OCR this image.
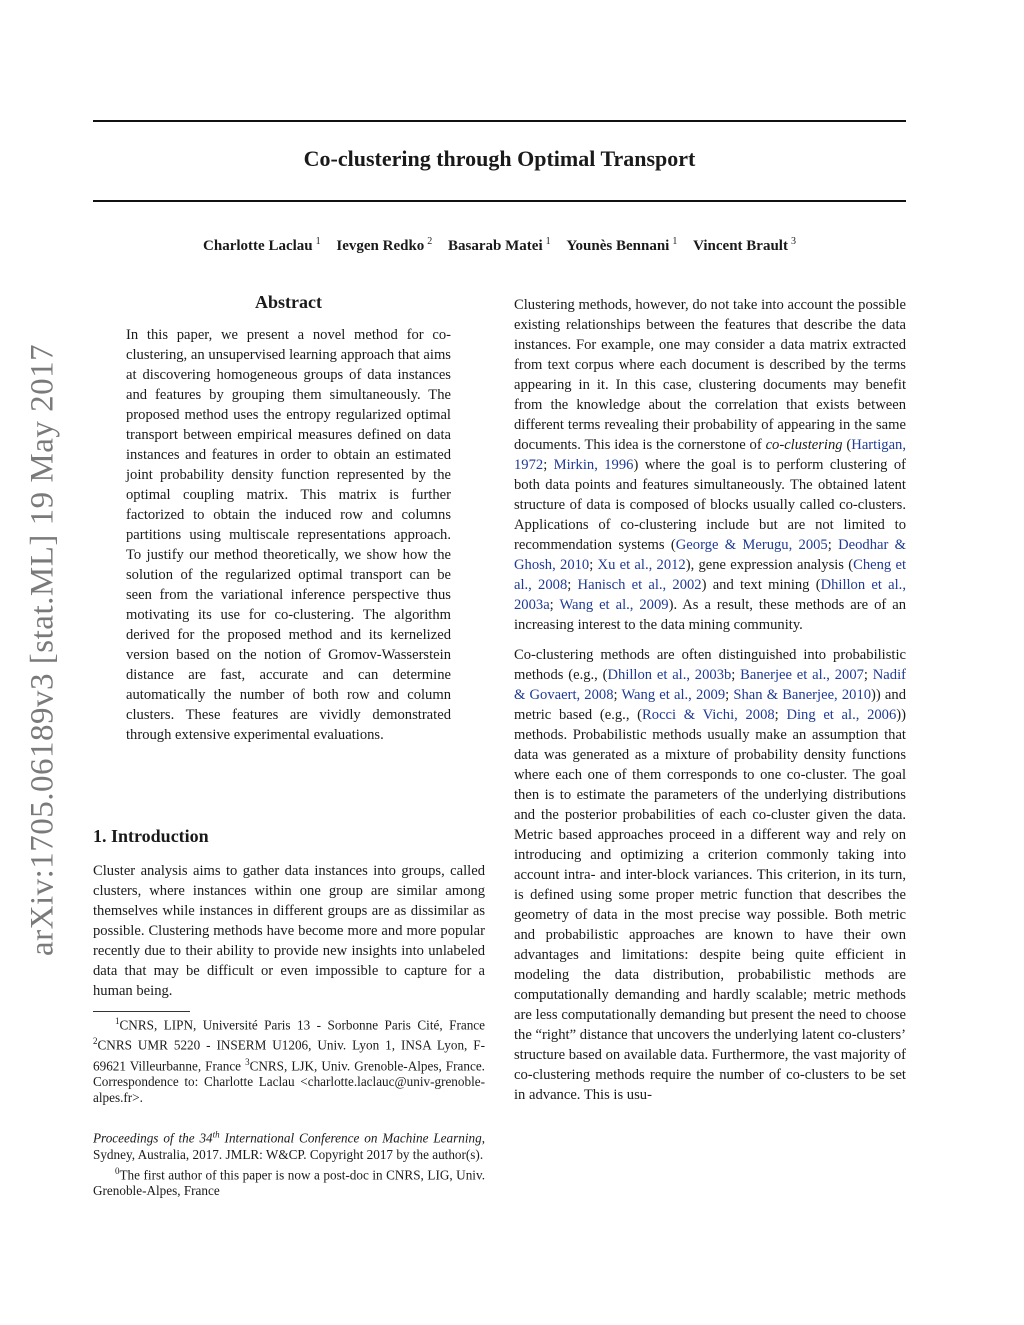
Co-clustering through Optimal Transport
Charlotte Laclau $^1$ Ievgen Redko $^2$ Basarab Matei $^1$ Younès Bennani $^1$ Vincent Brault $^3$
arXiv:1705.06189v3 [stat.ML] 19 May 2017
Abstract
In this paper, we present a novel method for co-clustering, an unsupervised learning approach that aims at discovering homogeneous groups of data instances and features by grouping them simultaneously. The proposed method uses the entropy regularized optimal transport between empirical measures defined on data instances and features in order to obtain an estimated joint probability density function represented by the optimal coupling matrix. This matrix is further factorized to obtain the induced row and columns partitions using multiscale representations approach. To justify our method theoretically, we show how the solution of the regularized optimal transport can be seen from the variational inference perspective thus motivating its use for co-clustering. The algorithm derived for the proposed method and its kernelized version based on the notion of Gromov-Wasserstein distance are fast, accurate and can determine automatically the number of both row and column clusters. These features are vividly demonstrated through extensive experimental evaluations.
1. Introduction

Cluster analysis aims to gather data instances into groups, called clusters, where instances within one group are similar among themselves while instances in different groups are as dissimilar as possible. Clustering methods have become more and more popular recently due to their ability to provide new insights into unlabeled data that may be difficult or even impossible to capture for a human being.

$^1$CNRS, LIPN, Université Paris 13 - Sorbonne Paris Cité, France $^2$CNRS UMR 5220 - INSERM U1206, Univ. Lyon 1, INSA Lyon, F-69621 Villeurbanne, France $^3$CNRS, LJK, Univ. Grenoble-Alpes, France. Correspondence to: Charlotte Laclau <charlotte.laclauc@univ-grenoble-alpes.fr>.

Proceedings of the 34th International Conference on Machine Learning, Sydney, Australia, 2017. JMLR: W&CP. Copyright 2017 by the author(s).

$^0$The first author of this paper is now a post-doc in CNRS, LIG, Univ. Grenoble-Alpes, France

Clustering methods, however, do not take into account the possible existing relationships between the features that describe the data instances. For example, one may consider a data matrix extracted from text corpus where each document is described by the terms appearing in it. In this case, clustering documents may benefit from the knowledge about the correlation that exists between different terms revealing their probability of appearing in the same documents. This idea is the cornerstone of co-clustering (Hartigan, 1972; Mirkin, 1996) where the goal is to perform clustering of both data points and features simultaneously. The obtained latent structure of data is composed of blocks usually called co-clusters. Applications of co-clustering include but are not limited to recommendation systems (George & Merugu, 2005; Deodhar & Ghosh, 2010; Xu et al., 2012), gene expression analysis (Cheng et al., 2008; Hanisch et al., 2002) and text mining (Dhillon et al., 2003a; Wang et al., 2009). As a result, these methods are of an increasing interest to the data mining community.

Co-clustering methods are often distinguished into probabilistic methods (e.g., (Dhillon et al., 2003b; Banerjee et al., 2007; Nadif & Govaert, 2008; Wang et al., 2009; Shan & Banerjee, 2010)) and metric based (e.g., (Rocci & Vichi, 2008; Ding et al., 2006)) methods. Probabilistic methods usually make an assumption that data was generated as a mixture of probability density functions where each one of them corresponds to one co-cluster. The goal then is to estimate the parameters of the underlying distributions and the posterior probabilities of each co-cluster given the data. Metric based approaches proceed in a different way and rely on introducing and optimizing a criterion commonly taking into account intra- and inter-block variances. This criterion, in its turn, is defined using some proper metric function that describes the geometry of data in the most precise way possible. Both metric and probabilistic approaches are known to have their own advantages and limitations: despite being quite efficient in modeling the data distribution, probabilistic methods are computationally demanding and hardly scalable; metric methods are less computationally demanding but present the need to choose the “right” distance that uncovers the underlying latent co-clusters’ structure based on available data. Furthermore, the vast majority of co-clustering methods require the number of co-clusters to be set in advance. This is usu-
